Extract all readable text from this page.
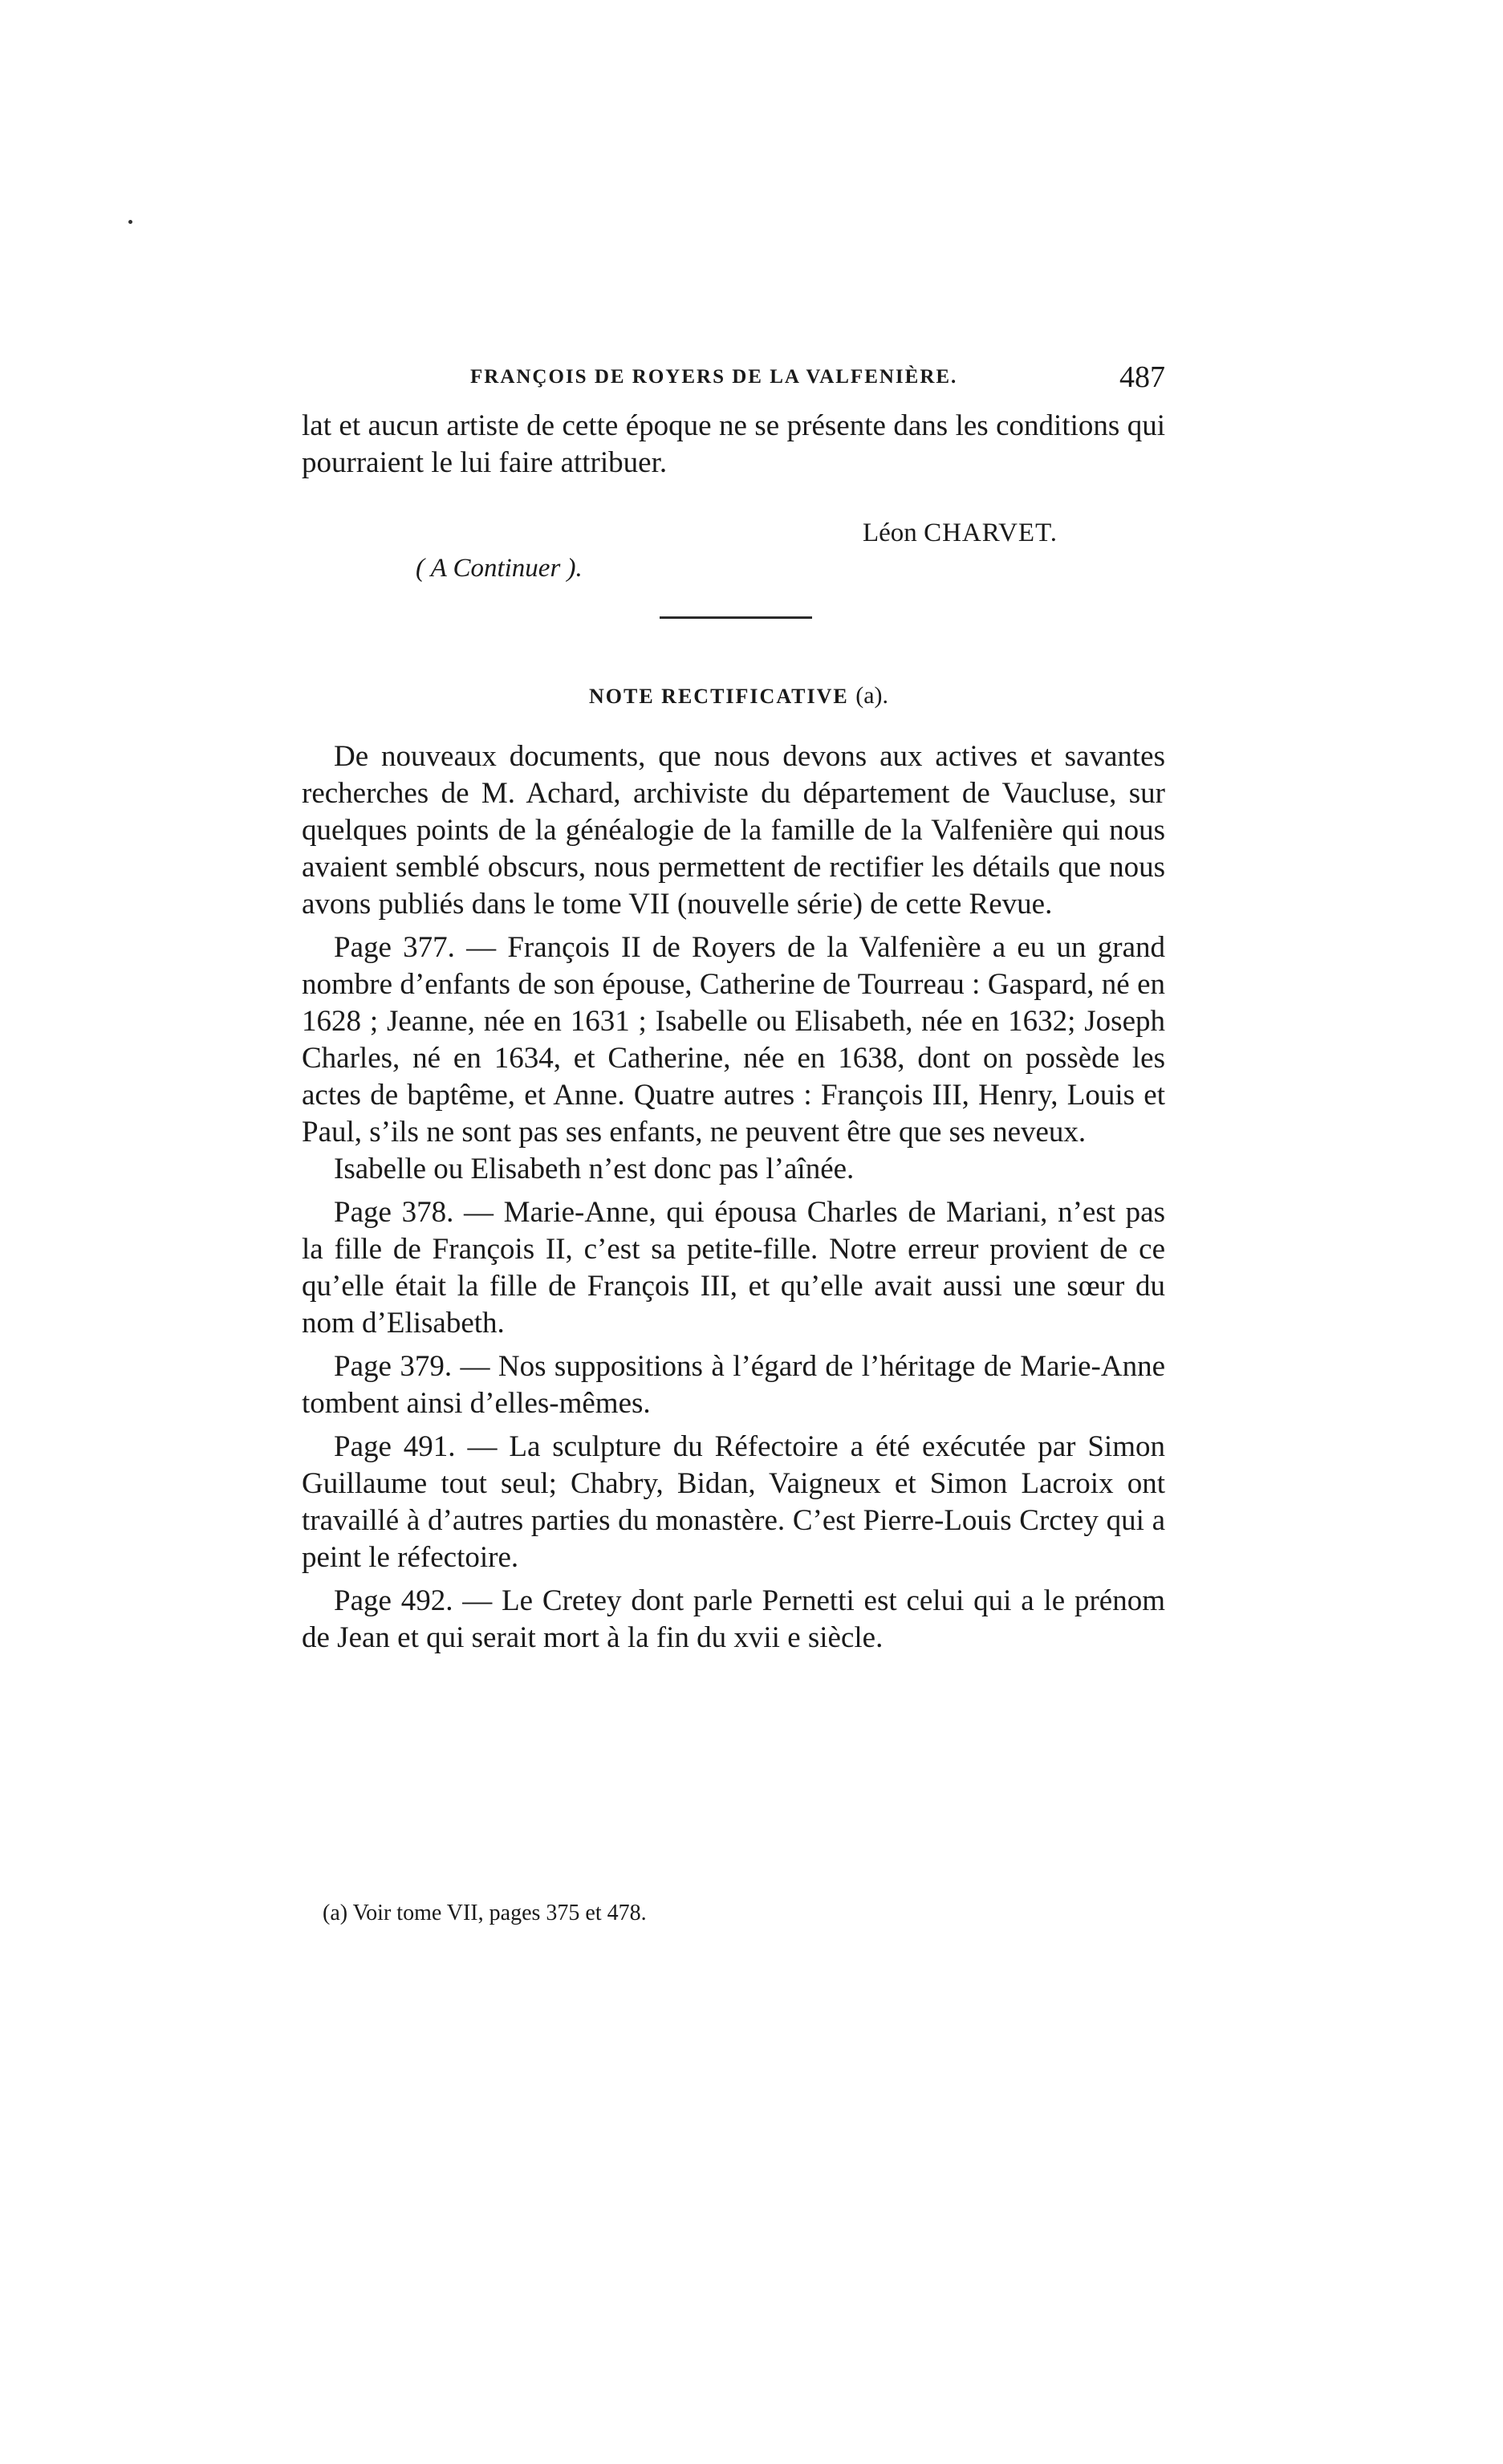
FRANÇOIS DE ROYERS DE LA VALFENIÈRE.	487

lat et aucun artiste de cette époque ne se présente dans les conditions qui pourraient le lui faire attribuer.

Léon CHARVET.
( A Continuer ).
NOTE RECTIFICATIVE (a).

De nouveaux documents, que nous devons aux actives et savantes recherches de M. Achard, archiviste du département de Vaucluse, sur quelques points de la généalogie de la famille de la Valfenière qui nous avaient semblé obscurs, nous permettent de rectifier les détails que nous avons publiés dans le tome VII (nouvelle série) de cette Revue.

Page 377. — François II de Royers de la Valfenière a eu un grand nombre d’enfants de son épouse, Catherine de Tourreau : Gaspard, né en 1628 ; Jeanne, née en 1631 ; Isabelle ou Elisabeth, née en 1632; Joseph Charles, né en 1634, et Catherine, née en 1638, dont on possède les actes de baptême, et Anne. Quatre autres : François III, Henry, Louis et Paul, s’ils ne sont pas ses enfants, ne peuvent être que ses neveux.

Isabelle ou Elisabeth n’est donc pas l’aînée.

Page 378. — Marie-Anne, qui épousa Charles de Mariani, n’est pas la fille de François II, c’est sa petite-fille. Notre erreur provient de ce qu’elle était la fille de François III, et qu’elle avait aussi une sœur du nom d’Elisabeth.

Page 379. — Nos suppositions à l’égard de l’héritage de Marie-Anne tombent ainsi d’elles-mêmes.

Page 491. — La sculpture du Réfectoire a été exécutée par Simon Guillaume tout seul; Chabry, Bidan, Vaigneux et Simon Lacroix ont travaillé à d’autres parties du monastère. C’est Pierre-Louis Crctey qui a peint le réfectoire.

Page 492. — Le Cretey dont parle Pernetti est celui qui a le prénom de Jean et qui serait mort à la fin du xvii e siècle.

(a) Voir tome VII, pages 375 et 478.
